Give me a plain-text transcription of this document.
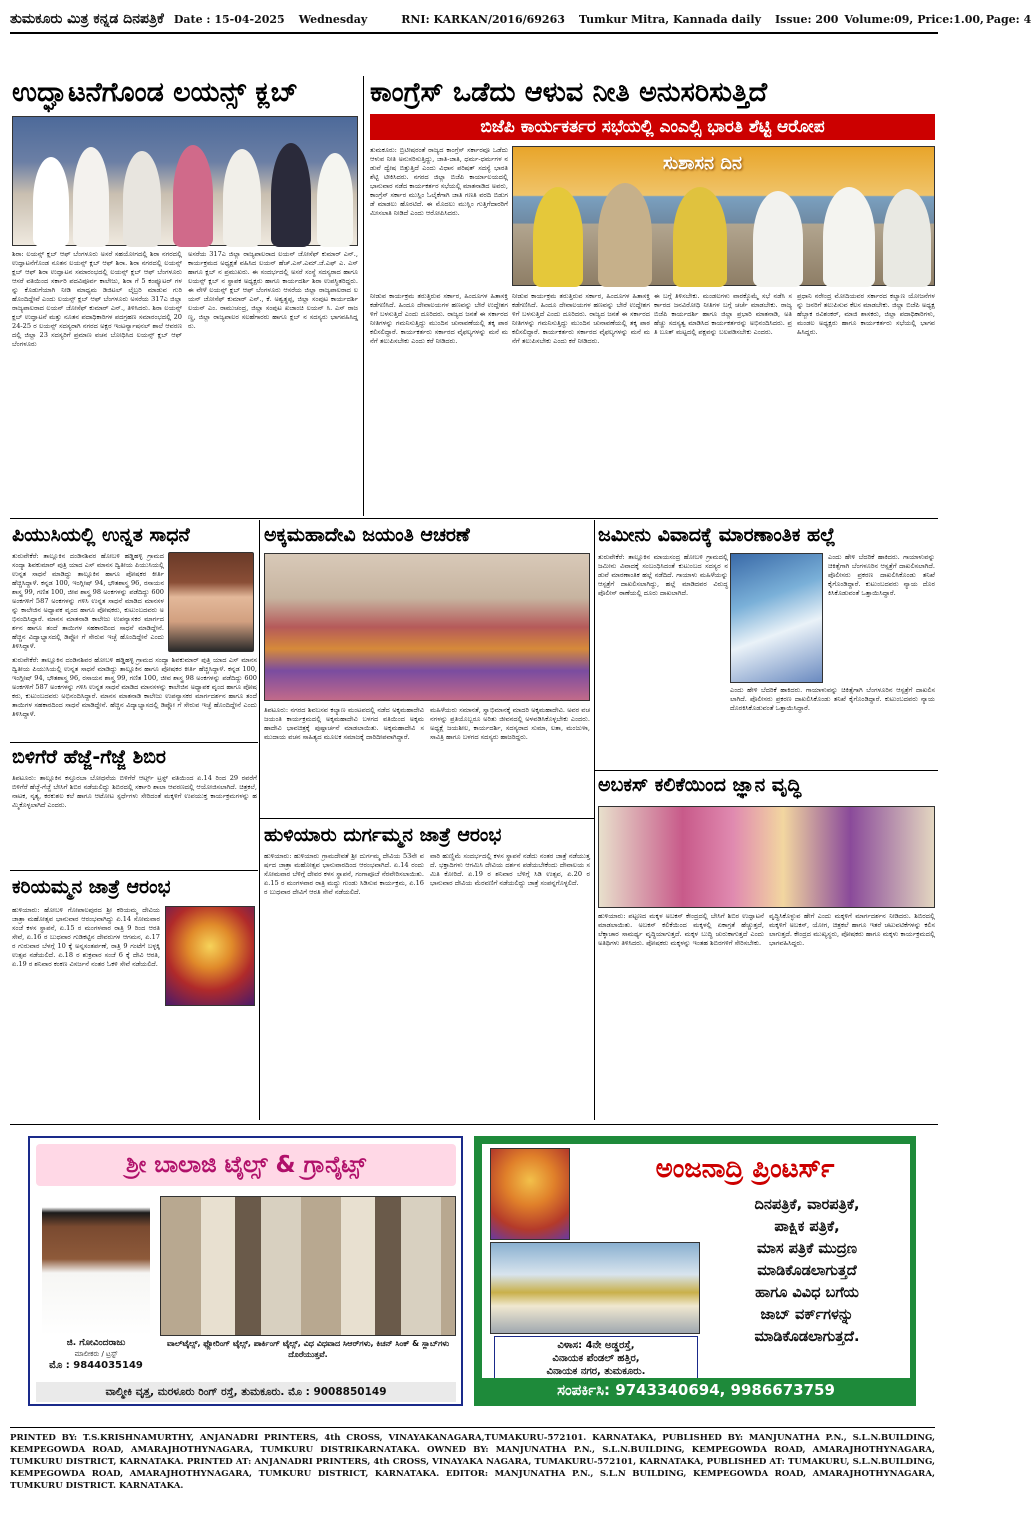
ತುಮಕೂರು ಮಿತ್ರ ಕನ್ನಡ ದಿನಪತ್ರಿಕೆ Date : 15-04-2025 Wednesday	RNI: KARKAN/2016/69263 Tumkur Mitra, Kannada daily Issue: 200 Volume:09, Price:1.00, Page: 4
ಉದ್ಘಾಟನೆಗೊಂಡ ಲಯನ್ಸ್ ಕ್ಲಬ್
ಶಿರಾ: ಲಯನ್ಸ್ ಕ್ಲಬ್ ಆಫ್ ಬೆಂಗಳೂರು ಅಸರೆ ಸಹಯೋಗದಲ್ಲಿ ಶಿರಾ ನಗರದಲ್ಲಿ ಉದ್ಘಾಟನೆಗೊಂಡ ನೂತನ ಲಯನ್ಸ್ ಕ್ಲಬ್ ಆಫ್ ಶಿರಾ. ಶಿರಾ ನಗರದಲ್ಲಿ ಲಯನ್ಸ್ ಕ್ಲಬ್ ಆಫ್ ಶಿರಾ ಉದ್ಘಾಟನ ಸಮಾರಂಭದಲ್ಲಿ ಲಯನ್ಸ್ ಕ್ಲಬ್ ಆಫ್ ಬೆಂಗಳೂರು ಆಸರೆ ವತಿಯಿಂದ ಸರ್ಕಾರಿ ಪದವಿಪೂರ್ವ ಕಾಲೇಜು, ಶಿರಾ ಗೆ 5 ಕಂಪ್ಯೂಟರ್ ಗಳನ್ನು ಕೊಡುಗೆಯಾಗಿ ನೀಡಿ ಮಾಧ್ಯಮ ಡಿಜಿಟಲ್ ಲೈಬ್ರರಿ ಮಾಡುವ ಗುರಿ ಹೊಂದಿದ್ದೇವೆ ಎಂದು ಲಯನ್ಸ್ ಕ್ಲಬ್ ಆಫ್ ಬೆಂಗಳೂರು ಅಸರೆಯ 317ಎ ಜಿಲ್ಲಾ ರಾಜ್ಯಪಾಲರಾದ ಲಯನ್ ಜೋಸೆಫ್ ಕುಮಾರ್ ಎನ್., ತಿಳಿಸಿದರು. ಶಿರಾ ಲಯನ್ಸ್ ಕ್ಲಬ್ ಉದ್ಘಾಟನೆ ಮತ್ತು ನೂತನ ಪದಾಧಿಕಾರಿಗಳ ಪದಗ್ರಹಣ ಸಮಾರಂಭದಲ್ಲಿ 2024-25 ರ ಲಯನ್ಸ್ ಸದಸ್ಯರಾಗಿ ನಗರದ ಅಕ್ಷರ ಇಂಟರ್ನ್ಯಾಷನಲ್ ಶಾಲೆ ಆವರಣದಲ್ಲಿ ಜಿಲ್ಲಾ 23 ಸದಸ್ಯರಿಗೆ ಪ್ರಮಾಣ ವಚನ ಬೋಧಿಸಿದ ಲಯನ್ಸ್ ಕ್ಲಬ್ ಆಫ್ ಬೆಂಗಳೂರು
ಅಸರೆಯ 317ಎ ಜಿಲ್ಲಾ ರಾಜ್ಯಪಾಲರಾದ ಲಯನ್ ಜೋಸೆಫ್ ಕುಮಾರ್ ಎನ್., ಕಾರ್ಯಕ್ರಮದ ಅಧ್ಯಕ್ಷತೆ ವಹಿಸಿದ ಲಯನ್ ಹೆಚ್.ಎಸ್.ಎಮ್.ಜೆ.ಎಫ್ ಎ. ಎಸ್ ಹಾಗೂ ಕ್ಲಬ್ ನ ಪ್ರಮುಖರು. ಈ ಸಂದರ್ಭದಲ್ಲಿ ಅಸರೆ ಸಂಸ್ಥೆ ಸದಸ್ಯರಾದ ಹಾಗೂ ಲಯನ್ಸ್ ಕ್ಲಬ್ ನ ಸ್ಥಾಪಕ ಅಧ್ಯಕ್ಷರು ಹಾಗೂ ಕಾರ್ಯದರ್ಶಿ ಶಿರಾ ಉಪಸ್ಥಿತರಿದ್ದರು. ಈ ವೇಳೆ ಲಯನ್ಸ್ ಕ್ಲಬ್ ಆಫ್ ಬೆಂಗಳೂರು ಆಸರೆಯ ಜಿಲ್ಲಾ ರಾಜ್ಯಪಾಲರಾದ ಲಯನ್ ಜೋಸೆಫ್ ಕುಮಾರ್ ಎನ್., ಕೆ. ಅಶ್ವತ್ಥಪ್ಪ, ಜಿಲ್ಲಾ ಸಂಪುಟ ಕಾರ್ಯದರ್ಶಿ ಲಯನ್ ಎಂ. ರಾಮುಚಂದ್ರ, ಜಿಲ್ಲಾ ಸಂಪುಟ ಖಜಾಂಚಿ ಲಯನ್ ಸಿ. ಎಸ್ ರಾಜಣ್ಣ, ಜಿಲ್ಲಾ ರಾಜ್ಯಪಾಲರ ಸಲಹೆಗಾರರು ಹಾಗೂ ಕ್ಲಬ್ ನ ಸದಸ್ಯರು ಭಾಗವಹಿಸಿದ್ದರು.
ಕಾಂಗ್ರೆಸ್ ಒಡೆದು ಆಳುವ ನೀತಿ ಅನುಸರಿಸುತ್ತಿದೆ
ಬಿಜೆಪಿ ಕಾರ್ಯಕರ್ತರ ಸಭೆಯಲ್ಲಿ ಎಂಎಲ್ಸಿ ಭಾರತಿ ಶೆಟ್ಟಿ ಆರೋಪ
ತುಮಕೂರು: ಬ್ರಿಟೀಷರಂತೆ ರಾಜ್ಯದ ಕಾಂಗ್ರೆಸ್ ಸರ್ಕಾರವೂ ಒಡೆದು ಆಳುವ ನೀತಿ ಅನುಸರಿಸುತ್ತಿದ್ದು, ಜಾತಿ-ಜಾತಿ, ಧರ್ಮ-ಧರ್ಮಗಳ ನಡುವೆ ದ್ವೇಷ ಬಿತ್ತುತ್ತಿದೆ ಎಂದು ವಿಧಾನ ಪರಿಷತ್ ಸದಸ್ಯೆ ಭಾರತಿ ಶೆಟ್ಟಿ ಟೀಕಿಸಿದರು. ನಗರದ ಜಿಲ್ಲಾ ಬಿಜೆಪಿ ಕಾರ್ಯಾಲಯದಲ್ಲಿ ಭಾನುವಾರ ನಡೆದ ಕಾರ್ಯಕರ್ತರ ಸಭೆಯಲ್ಲಿ ಮಾತನಾಡಿದ ಅವರು, ಕಾಂಗ್ರೆಸ್ ಸರ್ಕಾರ ಮುಸ್ಲಿಂ ಓಲೈಕೆಗಾಗಿ ಜಾತಿ ಗಣತಿ ವರದಿ ಬಿಡುಗಡೆ ಮಾಡಲು ಹೊರಟಿದೆ. ಈ ಮೊದಲು ಮುಸ್ಲಿಂ ಗುತ್ತಿಗೆದಾರರಿಗೆ ಮೀಸಲಾತಿ ನೀಡಿದೆ ಎಂದು ಆರೋಪಿಸಿದರು.
ಸುಶಾಸನ ದಿನ
ನೀಡುವ ಕಾರ್ಯಕ್ರಮ ತರುತ್ತಿರುವ ಸರ್ಕಾರ, ಹಿಂದೂಗಳ ಹಿತಾಸಕ್ತಿ ಕಡೆಗಣಿಸಿದೆ. ಹಿಂದೂ ದೇವಾಲಯಗಳ ಹಣವನ್ನು ಬೇರೆ ಉದ್ದೇಶಗಳಿಗೆ ಬಳಸುತ್ತಿದೆ ಎಂದು ದೂರಿದರು. ರಾಜ್ಯದ ಜನತೆ ಈ ಸರ್ಕಾರದ ನೀತಿಗಳನ್ನು ಗಮನಿಸುತ್ತಿದ್ದು ಮುಂದಿನ ಚುನಾವಣೆಯಲ್ಲಿ ತಕ್ಕ ಪಾಠ ಕಲಿಸಲಿದ್ದಾರೆ. ಕಾರ್ಯಕರ್ತರು ಸರ್ಕಾರದ ವೈಫಲ್ಯಗಳನ್ನು ಮನೆ ಮನೆಗೆ ತಲುಪಿಸಬೇಕು ಎಂದು ಕರೆ ನೀಡಿದರು.
ನೀಡುವ ಕಾರ್ಯಕ್ರಮ ತರುತ್ತಿರುವ ಸರ್ಕಾರ, ಹಿಂದೂಗಳ ಹಿತಾಸಕ್ತಿ ಕಡೆಗಣಿಸಿದೆ. ಹಿಂದೂ ದೇವಾಲಯಗಳ ಹಣವನ್ನು ಬೇರೆ ಉದ್ದೇಶಗಳಿಗೆ ಬಳಸುತ್ತಿದೆ ಎಂದು ದೂರಿದರು. ರಾಜ್ಯದ ಜನತೆ ಈ ಸರ್ಕಾರದ ನೀತಿಗಳನ್ನು ಗಮನಿಸುತ್ತಿದ್ದು ಮುಂದಿನ ಚುನಾವಣೆಯಲ್ಲಿ ತಕ್ಕ ಪಾಠ ಕಲಿಸಲಿದ್ದಾರೆ. ಕಾರ್ಯಕರ್ತರು ಸರ್ಕಾರದ ವೈಫಲ್ಯಗಳನ್ನು ಮನೆ ಮನೆಗೆ ತಲುಪಿಸಬೇಕು ಎಂದು ಕರೆ ನೀಡಿದರು.
ಈ ಬಗ್ಗೆ ತಿಳಿಸಬೇಕು. ಮಂಡಲಗಳು ವಾರಕ್ಕೊಮ್ಮೆ ಸಭೆ ನಡೆಸಿ ಸರ್ಕಾರದ ಜನವಿರೋಧಿ ನೀತಿಗಳ ಬಗ್ಗೆ ಚರ್ಚೆ ಮಾಡಬೇಕು. ರಾಜ್ಯ ಬಿಜೆಪಿ ಕಾರ್ಯದರ್ಶಿ ಹಾಗೂ ಜಿಲ್ಲಾ ಪ್ರಭಾರಿ ಮಾತನಾಡಿ, ಅತಿ ಹೆಚ್ಚು ಸದಸ್ಯತ್ವ ಮಾಡಿಸಿದ ಕಾರ್ಯಕರ್ತರನ್ನು ಅಭಿನಂದಿಸಿದರು. ಪ್ರತಿ ಬೂತ್ ಮಟ್ಟದಲ್ಲಿ ಪಕ್ಷವನ್ನು ಬಲಪಡಿಸಬೇಕು ಎಂದರು.
ಪ್ರಧಾನಿ ನರೇಂದ್ರ ಮೋದಿಯವರ ಸರ್ಕಾರದ ಕಲ್ಯಾಣ ಯೋಜನೆಗಳನ್ನು ಜನರಿಗೆ ತಲುಪಿಸುವ ಕೆಲಸ ಮಾಡಬೇಕು. ಜಿಲ್ಲಾ ಬಿಜೆಪಿ ಅಧ್ಯಕ್ಷ ಹೆಬ್ಬಾಕ ರವಿಶಂಕರ್, ಮಾಜಿ ಶಾಸಕರು, ಜಿಲ್ಲಾ ಪದಾಧಿಕಾರಿಗಳು, ಮಂಡಲ ಅಧ್ಯಕ್ಷರು ಹಾಗೂ ಕಾರ್ಯಕರ್ತರು ಸಭೆಯಲ್ಲಿ ಭಾಗವಹಿಸಿದ್ದರು.
ಪಿಯುಸಿಯಲ್ಲಿ ಉನ್ನತ ಸಾಧನೆ
ತುರುವೇಕೆರೆ: ತಾಲ್ಲೂಕಿನ ದಂಡಿನಶಿವರ ಹೋಬಳಿ ಹಡ್ಡಿಹಳ್ಳಿ ಗ್ರಾಮದ ಸಂದ್ಯಾ ಶಿವಕುಮಾರ್ ಪುತ್ರಿ ಯಾದ ಎಸ್ ಮಾನಸ ದ್ವಿತೀಯ ಪಿಯುಸಿಯಲ್ಲಿ ಉನ್ನತ ಸಾಧನೆ ಮಾಡಿದ್ದು ತಾಲ್ಲೂಕಿನ ಹಾಗೂ ಪೋಷಕರ ಕೀರ್ತಿ ಹೆಚ್ಚಿಸಿದ್ದಾಳೆ. ಕನ್ನಡ 100, ಇಂಗ್ಲೀಷ್ 94, ಭೌತಶಾಸ್ತ್ರ 96, ರಸಾಯನ ಶಾಸ್ತ್ರ 99, ಗಣಿತ 100, ಜೀವ ಶಾಸ್ತ್ರ 98 ಅಂಕಗಳನ್ನು ಪಡೆದಿದ್ದು 600 ಅಂಕಗಳಿಗೆ 587 ಅಂಕಗಳನ್ನು ಗಳಿಸಿ ಉನ್ನತ ಸಾಧನೆ ಮಾಡಿದ ಮಾನಸಳನ್ನು ಕಾಲೇಜಿನ ಅಧ್ಯಾಪಕ ವೃಂದ ಹಾಗೂ ಪೋಷಕರು, ಕುಟುಂಬದವರು ಅಭಿನಂದಿಸಿದ್ದಾರೆ. ಮಾನಸ ಮಾತನಾಡಿ ಕಾಲೇಜು ಉಪನ್ಯಾಸಕರ ಮಾರ್ಗದರ್ಶನ ಹಾಗೂ ತಂದೆ ತಾಯಿಗಳ ಸಹಕಾರದಿಂದ ಸಾಧನೆ ಮಾಡಿದ್ದೇನೆ. ಹೆಚ್ಚಿನ ವಿದ್ಯಾಭ್ಯಾಸದಲ್ಲಿ ಡಿಪ್ಲೋ ಗೆ ಸೇರುವ ಇಚ್ಛೆ ಹೊಂದಿದ್ದೇನೆ ಎಂದು ತಿಳಿಸಿದ್ದಾಳೆ.
ತುರುವೇಕೆರೆ: ತಾಲ್ಲೂಕಿನ ದಂಡಿನಶಿವರ ಹೋಬಳಿ ಹಡ್ಡಿಹಳ್ಳಿ ಗ್ರಾಮದ ಸಂದ್ಯಾ ಶಿವಕುಮಾರ್ ಪುತ್ರಿ ಯಾದ ಎಸ್ ಮಾನಸ ದ್ವಿತೀಯ ಪಿಯುಸಿಯಲ್ಲಿ ಉನ್ನತ ಸಾಧನೆ ಮಾಡಿದ್ದು ತಾಲ್ಲೂಕಿನ ಹಾಗೂ ಪೋಷಕರ ಕೀರ್ತಿ ಹೆಚ್ಚಿಸಿದ್ದಾಳೆ. ಕನ್ನಡ 100, ಇಂಗ್ಲೀಷ್ 94, ಭೌತಶಾಸ್ತ್ರ 96, ರಸಾಯನ ಶಾಸ್ತ್ರ 99, ಗಣಿತ 100, ಜೀವ ಶಾಸ್ತ್ರ 98 ಅಂಕಗಳನ್ನು ಪಡೆದಿದ್ದು 600 ಅಂಕಗಳಿಗೆ 587 ಅಂಕಗಳನ್ನು ಗಳಿಸಿ ಉನ್ನತ ಸಾಧನೆ ಮಾಡಿದ ಮಾನಸಳನ್ನು ಕಾಲೇಜಿನ ಅಧ್ಯಾಪಕ ವೃಂದ ಹಾಗೂ ಪೋಷಕರು, ಕುಟುಂಬದವರು ಅಭಿನಂದಿಸಿದ್ದಾರೆ. ಮಾನಸ ಮಾತನಾಡಿ ಕಾಲೇಜು ಉಪನ್ಯಾಸಕರ ಮಾರ್ಗದರ್ಶನ ಹಾಗೂ ತಂದೆ ತಾಯಿಗಳ ಸಹಕಾರದಿಂದ ಸಾಧನೆ ಮಾಡಿದ್ದೇನೆ. ಹೆಚ್ಚಿನ ವಿದ್ಯಾಭ್ಯಾಸದಲ್ಲಿ ಡಿಪ್ಲೋ ಗೆ ಸೇರುವ ಇಚ್ಛೆ ಹೊಂದಿದ್ದೇನೆ ಎಂದು ತಿಳಿಸಿದ್ದಾಳೆ.
ಅಕ್ಕಮಹಾದೇವಿ ಜಯಂತಿ ಆಚರಣೆ
ತಿಪಟೂರು: ನಗರದ ಶಿವಬಸವ ಕಲ್ಯಾಣ ಮಂಟಪದಲ್ಲಿ ನಡೆದ ಅಕ್ಕಮಹಾದೇವಿ ಜಯಂತಿ ಕಾರ್ಯಕ್ರಮದಲ್ಲಿ ಅಕ್ಕಮಹಾದೇವಿ ಬಳಗದ ವತಿಯಿಂದ ಅಕ್ಕಮಹಾದೇವಿ ಭಾವಚಿತ್ರಕ್ಕೆ ಪುಷ್ಪಾರ್ಚನೆ ಮಾಡಲಾಯಿತು. ಅಕ್ಕಮಹಾದೇವಿ ಸಮುದಾಯ ವಚನ ಸಾಹಿತ್ಯದ ಮೂಲಕ ಸಮಾಜಕ್ಕೆ ದಾರಿದೀಪವಾಗಿದ್ದಾರೆ.
ಮಹಿಳೆಯರು ಸಮಾನತೆ, ಸ್ವಾಭಿಮಾನಕ್ಕೆ ಮಾದರಿ ಅಕ್ಕಮಹಾದೇವಿ. ಅವರ ವಚನಗಳನ್ನು ಪ್ರತಿಯೊಬ್ಬರೂ ಅರಿತು ಜೀವನದಲ್ಲಿ ಅಳವಡಿಸಿಕೊಳ್ಳಬೇಕು ಎಂದರು. ಅಧ್ಯಕ್ಷೆ ಜಯಶೀಲ, ಕಾರ್ಯದರ್ಶಿ, ಸದಸ್ಯರಾದ ಸುಮಾ, ಲತಾ, ಮಂಜುಳಾ, ಸಾವಿತ್ರಿ ಹಾಗೂ ಬಳಗದ ಸದಸ್ಯರು ಹಾಜರಿದ್ದರು.
ಜಮೀನು ವಿವಾದಕ್ಕೆ ಮಾರಣಾಂತಿಕ ಹಲ್ಲೆ
ತುರುವೇಕೆರೆ: ತಾಲ್ಲೂಕಿನ ಮಾಯಸಂದ್ರ ಹೋಬಳಿ ಗ್ರಾಮದಲ್ಲಿ ಜಮೀನು ವಿವಾದಕ್ಕೆ ಸಂಬಂಧಿಸಿದಂತೆ ಕುಟುಂಬದ ಸದಸ್ಯರ ನಡುವೆ ಮಾರಣಾಂತಿಕ ಹಲ್ಲೆ ನಡೆದಿದೆ. ಗಾಯಾಳು ಮಹಿಳೆಯನ್ನು ಆಸ್ಪತ್ರೆಗೆ ದಾಖಲಿಸಲಾಗಿದ್ದು, ಹಲ್ಲೆ ಮಾಡಿದವರ ವಿರುದ್ಧ ಪೊಲೀಸ್ ಠಾಣೆಯಲ್ಲಿ ದೂರು ದಾಖಲಾಗಿದೆ.
ಎಂದು ಹೇಳಿ ಬೆದರಿಕೆ ಹಾಕಿದರು. ಗಾಯಾಳುವನ್ನು ಚಿಕಿತ್ಸೆಗಾಗಿ ಬೆಂಗಳೂರಿನ ಆಸ್ಪತ್ರೆಗೆ ದಾಖಲಿಸಲಾಗಿದೆ. ಪೊಲೀಸರು ಪ್ರಕರಣ ದಾಖಲಿಸಿಕೊಂಡು ತನಿಖೆ ಕೈಗೊಂಡಿದ್ದಾರೆ. ಕುಟುಂಬದವರು ನ್ಯಾಯ ದೊರಕಿಸಿಕೊಡುವಂತೆ ಒತ್ತಾಯಿಸಿದ್ದಾರೆ.
ಎಂದು ಹೇಳಿ ಬೆದರಿಕೆ ಹಾಕಿದರು. ಗಾಯಾಳುವನ್ನು ಚಿಕಿತ್ಸೆಗಾಗಿ ಬೆಂಗಳೂರಿನ ಆಸ್ಪತ್ರೆಗೆ ದಾಖಲಿಸಲಾಗಿದೆ. ಪೊಲೀಸರು ಪ್ರಕರಣ ದಾಖಲಿಸಿಕೊಂಡು ತನಿಖೆ ಕೈಗೊಂಡಿದ್ದಾರೆ. ಕುಟುಂಬದವರು ನ್ಯಾಯ ದೊರಕಿಸಿಕೊಡುವಂತೆ ಒತ್ತಾಯಿಸಿದ್ದಾರೆ.
ಬಿಳಿಗೆರೆ ಹೆಜ್ಜೆ-ಗೆಜ್ಜೆ ಶಿಬಿರ
ತಿಪಟೂರು: ತಾಲ್ಲೂಕಿನ ಕಸ್ತೂರಬಾ ಬೋಧನೆಯ ಬಿಳಿಗೆರೆ ಆರ್ಟ್ಸ್ ಟ್ರಸ್ಟ್ ವತಿಯಿಂದ ಏ.14 ರಿಂದ 29 ರವರೆಗೆ ಬಿಳಿಗೆರೆ ಹೆಜ್ಜೆ-ಗೆಜ್ಜೆ ಬೇಸಿಗೆ ಶಿಬಿರ ನಡೆಯಲಿದ್ದು ಶಿಬಿರದಲ್ಲಿ ಸರ್ಕಾರಿ ಶಾಲಾ ಆವರಣದಲ್ಲಿ ಆಯೋಜಿಸಲಾಗಿದೆ. ಚಿತ್ರಕಲೆ, ನಾಟಕ, ನೃತ್ಯ, ಕರಕುಶಲ ಕಲೆ ಹಾಗೂ ಆಟೋಟ ಸ್ಪರ್ಧೆಗಳು ಸೇರಿದಂತೆ ಮಕ್ಕಳಿಗೆ ಉಪಯುಕ್ತ ಕಾರ್ಯಕ್ರಮಗಳನ್ನು ಹಮ್ಮಿಕೊಳ್ಳಲಾಗಿದೆ ಎಂದರು.
ಅಬಕಸ್ ಕಲಿಕೆಯಿಂದ ಜ್ಞಾನ ವೃದ್ಧಿ
ಹುಳಿಯಾರು: ಪಟ್ಟಣದ ಮಕ್ಕಳ ಅಬಕಸ್ ಕೇಂದ್ರದಲ್ಲಿ ಬೇಸಿಗೆ ಶಿಬಿರ ಉದ್ಘಾಟನೆ ಮಾಡಲಾಯಿತು. ಅಬಕಸ್ ಕಲಿಕೆಯಿಂದ ಮಕ್ಕಳಲ್ಲಿ ಏಕಾಗ್ರತೆ ಹೆಚ್ಚುತ್ತದೆ, ಲೆಕ್ಕಾಚಾರ ಸಾಮರ್ಥ್ಯ ವೃದ್ಧಿಯಾಗುತ್ತದೆ. ಮಕ್ಕಳ ಬುದ್ಧಿ ಚುರುಕಾಗುತ್ತದೆ ಎಂದು ಅತಿಥಿಗಳು ತಿಳಿಸಿದರು. ಪೋಷಕರು ಮಕ್ಕಳನ್ನು ಇಂತಹ ಶಿಬಿರಗಳಿಗೆ ಸೇರಿಸಬೇಕು.
ವೃದ್ಧಿಸಿಕೊಳ್ಳುವ ಹೇಗೆ ಎಂದು ಮಕ್ಕಳಿಗೆ ಮಾರ್ಗದರ್ಶನ ನೀಡಿದರು. ಶಿಬಿರದಲ್ಲಿ ಮಕ್ಕಳಿಗೆ ಅಬಕಸ್, ಯೋಗ, ಚಿತ್ರಕಲೆ ಹಾಗೂ ಇತರೆ ಚಟುವಟಿಕೆಗಳನ್ನು ಕಲಿಸಲಾಗುತ್ತದೆ. ಕೇಂದ್ರದ ಮುಖ್ಯಸ್ಥರು, ಪೋಷಕರು ಹಾಗೂ ಮಕ್ಕಳು ಕಾರ್ಯಕ್ರಮದಲ್ಲಿ ಭಾಗವಹಿಸಿದ್ದರು.
ಹುಳಿಯಾರು ದುರ್ಗಮ್ಮನ ಜಾತ್ರೆ ಆರಂಭ
ಹುಳಿಯಾರು: ಹುಳಿಯಾರು ಗ್ರಾಮದೇವತೆ ಶ್ರೀ ದುರ್ಗಮ್ಮ ದೇವಿಯ 53ನೇ ವರ್ಷದ ಜಾತ್ರಾ ಮಹೋತ್ಸವ ಭಾನುವಾರದಿಂದ ಆರಂಭವಾಗಿದೆ. ಏ.14 ರಂದು ಸೋಮವಾರ ಬೆಳಿಗ್ಗೆ ದೇವರ ಕಳಸ ಸ್ಥಾಪನೆ, ಗಂಗಾಪೂಜೆ ನೆರವೇರಿಸಲಾಯಿತು. ಏ.15 ರ ಮಂಗಳವಾರ ರಾತ್ರಿ ಮದ್ದು ಗುಂಡು ಸಿಡಿಸುವ ಕಾರ್ಯಕ್ರಮ, ಏ.16 ರ ಬುಧವಾರ ದೇವಿಗೆ ಆರತಿ ಸೇವೆ ನಡೆಯಲಿದೆ.
ವಾರಿ ಹುಣ್ಣಿಮೆ ಸಂದರ್ಭದಲ್ಲಿ ಕಳಸ ಸ್ಥಾಪನೆ ನಡೆದು ನಂತರ ಜಾತ್ರೆ ನಡೆಯುತ್ತದೆ. ಭಕ್ತಾದಿಗಳು ಆಗಮಿಸಿ ದೇವಿಯ ದರ್ಶನ ಪಡೆಯಬೇಕೆಂದು ದೇವಾಲಯ ಸಮಿತಿ ಕೋರಿದೆ. ಏ.19 ರ ಶನಿವಾರ ಬೆಳಿಗ್ಗೆ ಸಿಡಿ ಉತ್ಸವ, ಏ.20 ರ ಭಾನುವಾರ ದೇವಿಯ ಮೆರವಣಿಗೆ ನಡೆಯಲಿದ್ದು ಜಾತ್ರೆ ಸಂಪನ್ನಗೊಳ್ಳಲಿದೆ.
ಕರಿಯಮ್ಮನ ಜಾತ್ರೆ ಆರಂಭ
ಹುಳಿಯಾರು: ಹೋಬಳಿ ಗೋಪಾಲಪುರದ ಶ್ರೀ ಕರಿಯಮ್ಮ ದೇವಿಯ ಜಾತ್ರಾ ಮಹೋತ್ಸವ ಭಾನುವಾರ ಆರಂಭವಾಗಿದ್ದು ಏ.14 ಸೋಮವಾರ ಸಂಜೆ ಕಳಸ ಸ್ಥಾಪನೆ, ಏ.15 ರ ಮಂಗಳವಾರ ರಾತ್ರಿ 9 ರಿಂದ ಆರತಿ ಸೇವೆ, ಏ.16 ರ ಬುಧವಾರ ಗುಡಿಕಟ್ಟಿನ ದೇವರುಗಳ ಆಗಮನ, ಏ.17 ರ ಗುರುವಾರ ಬೆಳಗ್ಗೆ 10 ಕ್ಕೆ ಅನ್ನಸಂತರ್ಪಣೆ, ರಾತ್ರಿ 9 ಗಂಟೆಗೆ ಬಳ್ಳಕ್ಕಿ ಉತ್ಸವ ನಡೆಯಲಿದೆ. ಏ.18 ರ ಶುಕ್ರವಾರ ಸಂಜೆ 6 ಕ್ಕೆ ದೇವಿ ಆರತಿ, ಏ.19 ರ ಶನಿವಾರ ಕಂಕಣ ವಿಸರ್ಜನೆ ನಂತರ ಓಕಳಿ ಸೇವೆ ನಡೆಯಲಿದೆ.
ಶ್ರೀ ಬಾಲಾಜಿ ಟೈಲ್ಸ್ & ಗ್ರಾನೈಟ್ಸ್
ಜಿ. ಗೋವಿಂದರಾಜು
ಮಾಲೀಕರು / ಟ್ರಸ್ಟ್
ಮೊ : 9844035149
ವಾಲ್‌ಟೈಲ್ಸ್, ಫ್ಲೋರಿಂಗ್ ಟೈಲ್ಸ್, ಪಾರ್ಕಿಂಗ್ ಟೈಲ್ಸ್, ವಿಧ ವಿಧವಾದ ಸಿಆರ್‌ಗಳು, ಕಿಚನ್ ಸಿಂಕ್ & ಸ್ಲಾಬ್‌ಗಳು ದೊರೆಯುತ್ತವೆ.
ವಾಲ್ಮೀಕಿ ವೃತ್ತ, ಮರಳೂರು ರಿಂಗ್ ರಸ್ತೆ, ತುಮಕೂರು. ಮೊ : 9008850149
ಅಂಜನಾದ್ರಿ ಪ್ರಿಂಟರ್ಸ್
ದಿನಪತ್ರಿಕೆ, ವಾರಪತ್ರಿಕೆ,
ಪಾಕ್ಷಿಕ ಪತ್ರಿಕೆ,
ಮಾಸ ಪತ್ರಿಕೆ ಮುದ್ರಣ
ಮಾಡಿಕೊಡಲಾಗುತ್ತದೆ
ಹಾಗೂ ವಿವಿಧ ಬಗೆಯ
ಜಾಬ್ ವರ್ಕ್‌ಗಳನ್ನು
ಮಾಡಿಕೊಡಲಾಗುತ್ತದೆ.
ವಿಳಾಸ: 4ನೇ ಅಡ್ಡರಸ್ತೆ,
ವಿನಾಯಕ ಪೆಂಡಲ್ ಹತ್ತಿರ,
ವಿನಾಯಕ ನಗರ, ತುಮಕೂರು.
ಸಂಪರ್ಕಿಸಿ: 9743340694, 9986673759
PRINTED BY: T.S.KRISHNAMURTHY, ANJANADRI PRINTERS, 4th CROSS, VINAYAKANAGARA,TUMAKURU-572101. KARNATAKA, PUBLISHED BY: MANJUNATHA P.N., S.L.N.BUILDING, KEMPEGOWDA ROAD, AMARAJHOTHYNAGARA, TUMKURU DISTRIKARNATAKA. OWNED BY: MANJUNATHA P.N., S.L.N.BUILDING, KEMPEGOWDA ROAD, AMARAJHOTHYNAGARA, TUMKURU DISTRICT, KARNATAKA. PRINTED AT: ANJANADRI PRINTERS, 4th CROSS, VINAYAKA NAGARA, TUMAKURU-572101, KARNATAKA, PUBLISHED AT: TUMAKURU, S.L.N.BUILDING, KEMPEGOWDA ROAD, AMARAJHOTHYNAGARA, TUMKURU DISTRICT, KARNATAKA. EDITOR: MANJUNATHA P.N., S.L.N BUILDING, KEMPEGOWDA ROAD, AMARAJHOTHYNAGARA, TUMKURU DISTRICT. KARNATAKA.
